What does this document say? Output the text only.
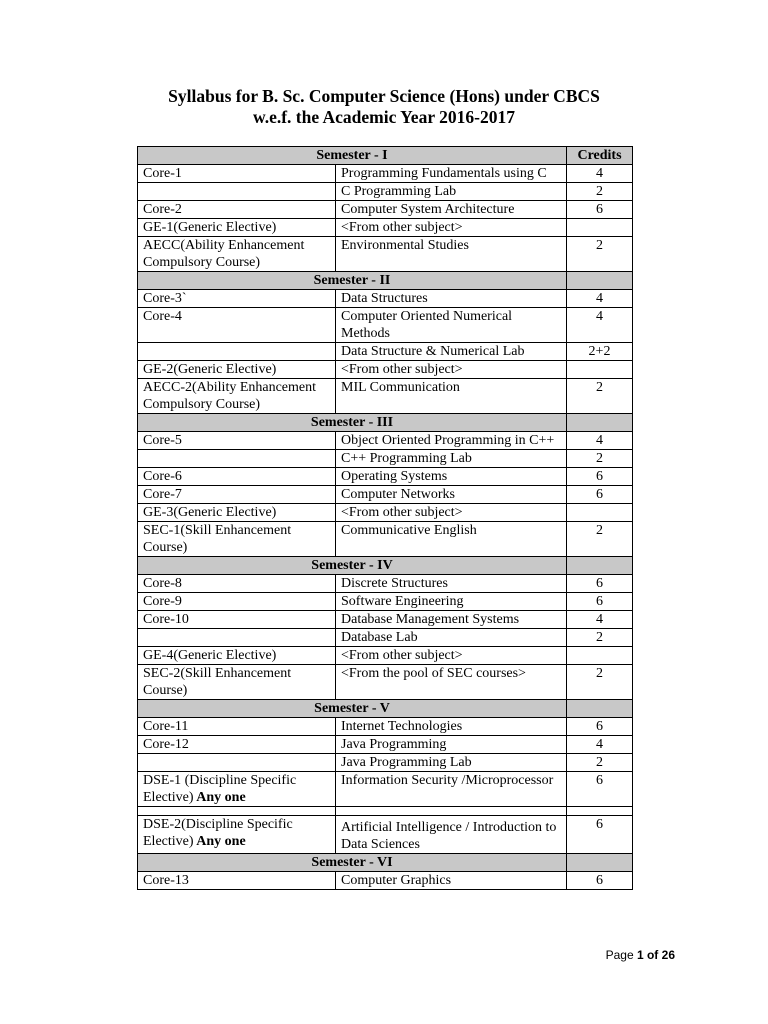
Syllabus for B. Sc. Computer Science (Hons) under CBCS
w.e.f. the Academic Year 2016-2017
Semester - I		Credits
Core-1	Programming Fundamentals using C	4
	C Programming Lab	2
Core-2	Computer System Architecture	6
GE-1(Generic Elective)	<From other subject>	
AECC(Ability Enhancement Compulsory Course)	Environmental Studies	2
Semester - II		
Core-3`	Data Structures	4
Core-4	Computer Oriented Numerical Methods	4
	Data Structure & Numerical Lab	2+2
GE-2(Generic Elective)	<From other subject>	
AECC-2(Ability Enhancement Compulsory Course)	MIL Communication	2
Semester - III		
Core-5	Object Oriented Programming in C++	4
	C++ Programming Lab	2
Core-6	Operating Systems	6
Core-7	Computer Networks	6
GE-3(Generic Elective)	<From other subject>	
SEC-1(Skill Enhancement Course)	Communicative English	2
Semester - IV		
Core-8	Discrete Structures	6
Core-9	Software Engineering	6
Core-10	Database Management Systems	4
	Database Lab	2
GE-4(Generic Elective)	<From other subject>	
SEC-2(Skill Enhancement Course)	<From the pool of SEC courses>	2
Semester - V		
Core-11	Internet Technologies	6
Core-12	Java Programming	4
	Java Programming Lab	2
DSE-1 (Discipline Specific Elective) Any one	Information Security /Microprocessor	6

DSE-2(Discipline Specific Elective) Any one	Artificial Intelligence / Introduction to Data Sciences	6
Semester - VI		
Core-13	Computer Graphics	6
Page 1 of 26
